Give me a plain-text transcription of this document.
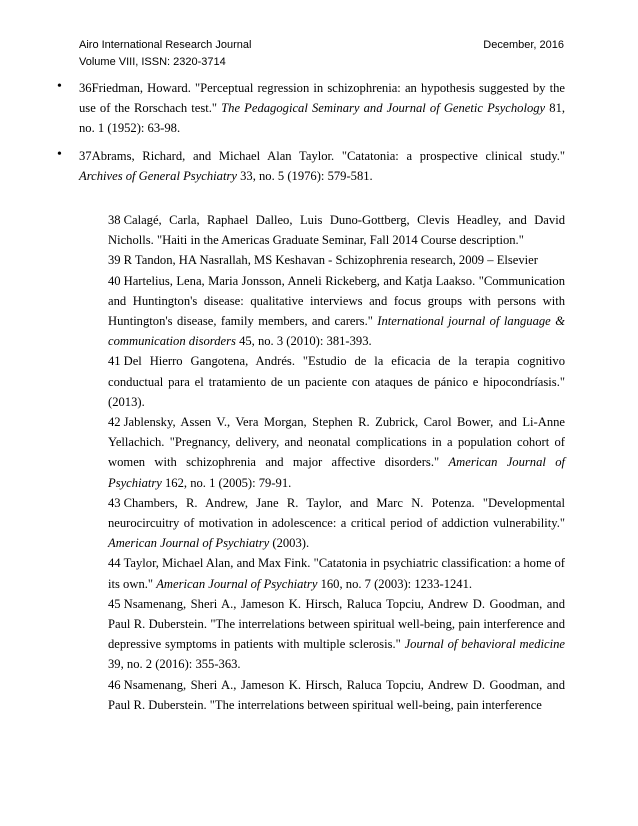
Airo International Research Journal
Volume VIII, ISSN: 2320-3714
December, 2016
•	36Friedman, Howard. "Perceptual regression in schizophrenia: an hypothesis suggested by the use of the Rorschach test." The Pedagogical Seminary and Journal of Genetic Psychology 81, no. 1 (1952): 63-98.
•	37Abrams, Richard, and Michael Alan Taylor. "Catatonia: a prospective clinical study." Archives of General Psychiatry 33, no. 5 (1976): 579-581.
38 Calagé, Carla, Raphael Dalleo, Luis Duno-Gottberg, Clevis Headley, and David Nicholls. "Haiti in the Americas Graduate Seminar, Fall 2014 Course description."
39 R Tandon, HA Nasrallah, MS Keshavan - Schizophrenia research, 2009 – Elsevier
40 Hartelius, Lena, Maria Jonsson, Anneli Rickeberg, and Katja Laakso. "Communication and Huntington's disease: qualitative interviews and focus groups with persons with Huntington's disease, family members, and carers." International journal of language & communication disorders 45, no. 3 (2010): 381-393.
41 Del Hierro Gangotena, Andrés. "Estudio de la eficacia de la terapia cognitivo conductual para el tratamiento de un paciente con ataques de pánico e hipocondríasis." (2013).
42 Jablensky, Assen V., Vera Morgan, Stephen R. Zubrick, Carol Bower, and Li-Anne Yellachich. "Pregnancy, delivery, and neonatal complications in a population cohort of women with schizophrenia and major affective disorders." American Journal of Psychiatry 162, no. 1 (2005): 79-91.
43 Chambers, R. Andrew, Jane R. Taylor, and Marc N. Potenza. "Developmental neurocircuitry of motivation in adolescence: a critical period of addiction vulnerability." American Journal of Psychiatry (2003).
44 Taylor, Michael Alan, and Max Fink. "Catatonia in psychiatric classification: a home of its own." American Journal of Psychiatry 160, no. 7 (2003): 1233-1241.
45 Nsamenang, Sheri A., Jameson K. Hirsch, Raluca Topciu, Andrew D. Goodman, and Paul R. Duberstein. "The interrelations between spiritual well-being, pain interference and depressive symptoms in patients with multiple sclerosis." Journal of behavioral medicine 39, no. 2 (2016): 355-363.
46 Nsamenang, Sheri A., Jameson K. Hirsch, Raluca Topciu, Andrew D. Goodman, and Paul R. Duberstein. "The interrelations between spiritual well-being, pain interference
